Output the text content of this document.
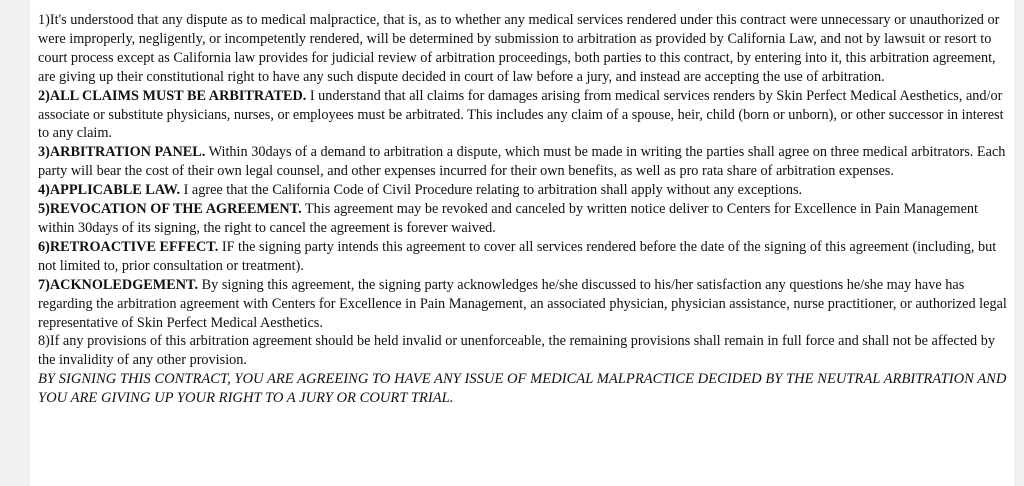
1)It's understood that any dispute as to medical malpractice, that is, as to whether any medical services rendered under this contract were unnecessary or unauthorized or were improperly, negligently, or incompetently rendered, will be determined by submission to arbitration as provided by California Law, and not by lawsuit or resort to court process except as California law provides for judicial review of arbitration proceedings, both parties to this contract, by entering into it, this arbitration agreement, are giving up their constitutional right to have any such dispute decided in court of law before a jury, and instead are accepting the use of arbitration.

2)ALL CLAIMS MUST BE ARBITRATED. I understand that all claims for damages arising from medical services renders by Skin Perfect Medical Aesthetics, and/or associate or substitute physicians, nurses, or employees must be arbitrated. This includes any claim of a spouse, heir, child (born or unborn), or other successor in interest to any claim.

3)ARBITRATION PANEL. Within 30days of a demand to arbitration a dispute, which must be made in writing the parties shall agree on three medical arbitrators. Each party will bear the cost of their own legal counsel, and other expenses incurred for their own benefits, as well as pro rata share of arbitration expenses.

4)APPLICABLE LAW. I agree that the California Code of Civil Procedure relating to arbitration shall apply without any exceptions.

5)REVOCATION OF THE AGREEMENT. This agreement may be revoked and canceled by written notice deliver to Centers for Excellence in Pain Management within 30days of its signing, the right to cancel the agreement is forever waived.

6)RETROACTIVE EFFECT. IF the signing party intends this agreement to cover all services rendered before the date of the signing of this agreement (including, but not limited to, prior consultation or treatment).

7)ACKNOLEDGEMENT. By signing this agreement, the signing party acknowledges he/she discussed to his/her satisfaction any questions he/she may have has regarding the arbitration agreement with Centers for Excellence in Pain Management, an associated physician, physician assistance, nurse practitioner, or authorized legal representative of Skin Perfect Medical Aesthetics.

8)If any provisions of this arbitration agreement should be held invalid or unenforceable, the remaining provisions shall remain in full force and shall not be affected by the invalidity of any other provision.

BY SIGNING THIS CONTRACT, YOU ARE AGREEING TO HAVE ANY ISSUE OF MEDICAL MALPRACTICE DECIDED BY THE NEUTRAL ARBITRATION AND YOU ARE GIVING UP YOUR RIGHT TO A JURY OR COURT TRIAL.
